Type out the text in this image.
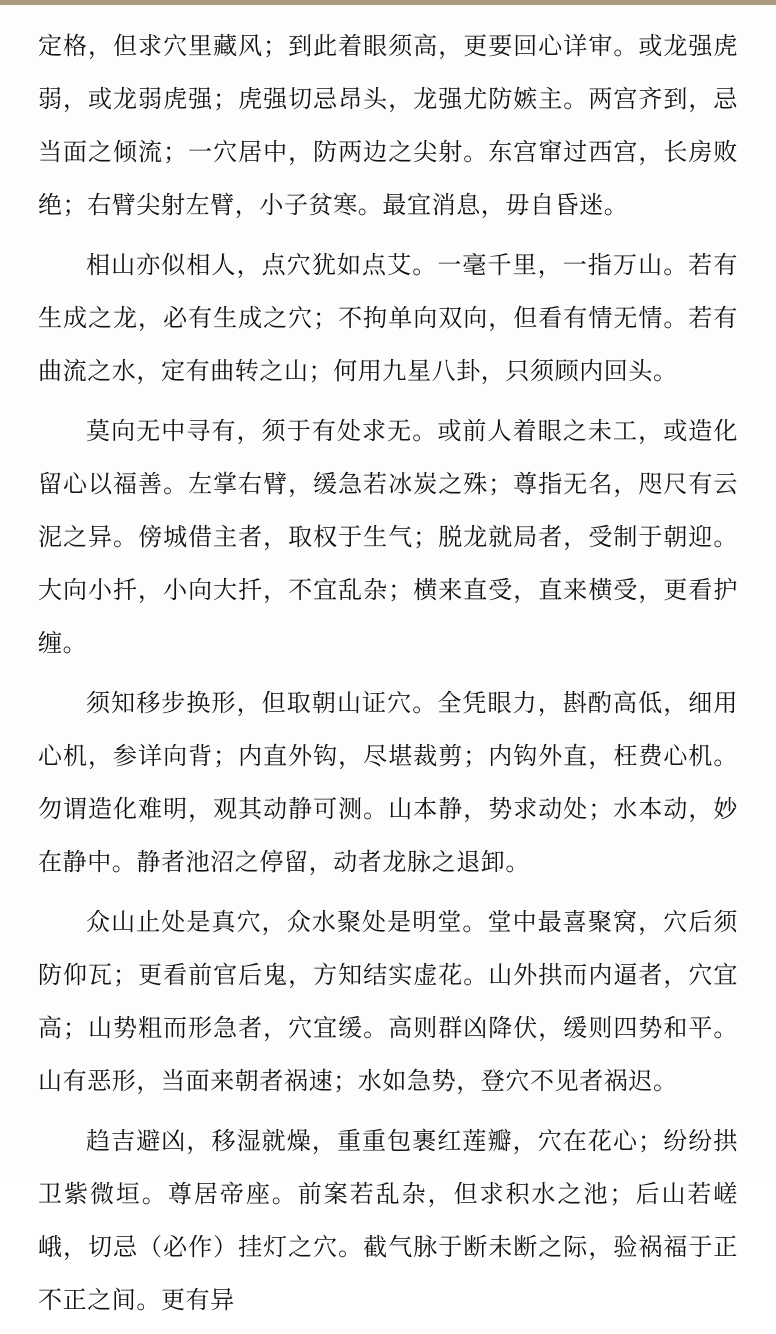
定格，但求穴里藏风；到此着眼须高，更要回心详审。或龙强虎弱，或龙弱虎强；虎强切忌昂头，龙强尤防嫉主。两宫齐到，忌当面之倾流；一穴居中，防两边之尖射。东宫窜过西宫，长房败绝；右臂尖射左臂，小子贫寒。最宜消息，毋自昏迷。

相山亦似相人，点穴犹如点艾。一毫千里，一指万山。若有生成之龙，必有生成之穴；不拘单向双向，但看有情无情。若有曲流之水，定有曲转之山；何用九星八卦，只须顾内回头。

莫向无中寻有，须于有处求无。或前人着眼之未工，或造化留心以福善。左掌右臂，缓急若冰炭之殊；尊指无名，咫尺有云泥之异。傍城借主者，取权于生气；脱龙就局者，受制于朝迎。大向小扦，小向大扦，不宜乱杂；横来直受，直来横受，更看护缠。

须知移步换形，但取朝山证穴。全凭眼力，斟酌高低，细用心机，参详向背；内直外钩，尽堪裁剪；内钩外直，枉费心机。勿谓造化难明，观其动静可测。山本静，势求动处；水本动，妙在静中。静者池沼之停留，动者龙脉之退卸。

众山止处是真穴，众水聚处是明堂。堂中最喜聚窝，穴后须防仰瓦；更看前官后鬼，方知结实虚花。山外拱而内逼者，穴宜高；山势粗而形急者，穴宜缓。高则群凶降伏，缓则四势和平。山有恶形，当面来朝者祸速；水如急势，登穴不见者祸迟。

趋吉避凶，移湿就燥，重重包裹红莲瓣，穴在花心；纷纷拱卫紫微垣。尊居帝座。前案若乱杂，但求积水之池；后山若嵯峨，切忌（必作）挂灯之穴。截气脉于断未断之际，验祸福于正不正之间。更有异
